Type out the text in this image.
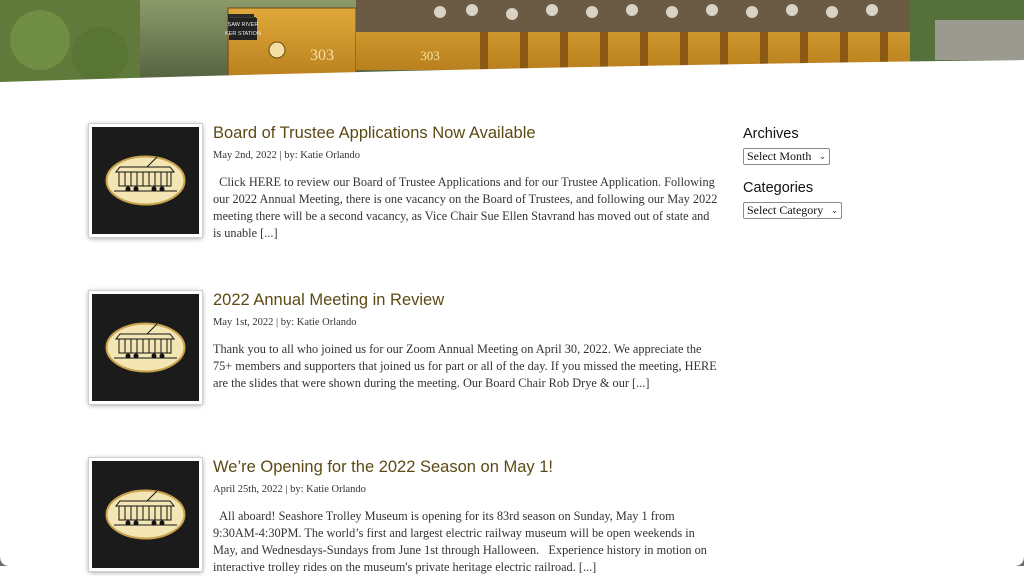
SAW RIVER
KER STATION
303	303
Board of Trustee Applications Now Available
May 2nd, 2022 | by: Katie Orlando

Click HERE to review our Board of Trustee Applications and for our Trustee Application. Following our 2022 Annual Meeting, there is one vacancy on the Board of Trustees, and following our May 2022 meeting there will be a second vacancy, as Vice Chair Sue Ellen Stavrand has moved out of state and is unable [...]

2022 Annual Meeting in Review
May 1st, 2022 | by: Katie Orlando

Thank you to all who joined us for our Zoom Annual Meeting on April 30, 2022. We appreciate the 75+ members and supporters that joined us for part or all of the day. If you missed the meeting, HERE are the slides that were shown during the meeting. Our Board Chair Rob Drye & our [...]

We’re Opening for the 2022 Season on May 1!
April 25th, 2022 | by: Katie Orlando

All aboard! Seashore Trolley Museum is opening for its 83rd season on Sunday, May 1 from 9:30AM-4:30PM. The world’s first and largest electric railway museum will be open weekends in May, and Wednesdays-Sundays from June 1st through Halloween.   Experience history in motion on interactive trolley rides on the museum's private heritage electric railroad. [...]

Archives
Select Month ⌄
Categories
Select Category ⌄
